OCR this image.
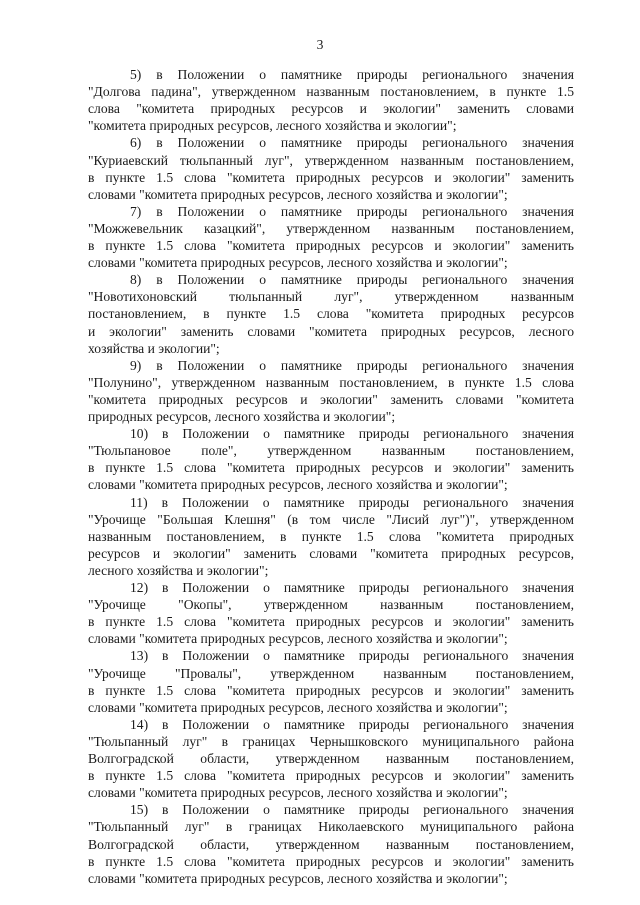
3
5) в Положении о памятнике природы регионального значения
"Долгова падина", утвержденном названным постановлением, в пункте 1.5
слова "комитета природных ресурсов и экологии" заменить словами
"комитета природных ресурсов, лесного хозяйства и экологии";
6) в Положении о памятнике природы регионального значения
"Куриаевский тюльпанный луг", утвержденном названным постановлением,
в пункте 1.5 слова "комитета природных ресурсов и экологии" заменить
словами "комитета природных ресурсов, лесного хозяйства и экологии";
7) в Положении о памятнике природы регионального значения
"Можжевельник казацкий", утвержденном названным постановлением,
в пункте 1.5 слова "комитета природных ресурсов и экологии" заменить
словами "комитета природных ресурсов, лесного хозяйства и экологии";
8) в Положении о памятнике природы регионального значения
"Новотихоновский тюльпанный луг", утвержденном названным
постановлением, в пункте 1.5 слова "комитета природных ресурсов
и экологии" заменить словами "комитета природных ресурсов, лесного
хозяйства и экологии";
9) в Положении о памятнике природы регионального значения
"Полунино", утвержденном названным постановлением, в пункте 1.5 слова
"комитета природных ресурсов и экологии" заменить словами "комитета
природных ресурсов, лесного хозяйства и экологии";
10) в Положении о памятнике природы регионального значения
"Тюльпановое поле", утвержденном названным постановлением,
в пункте 1.5 слова "комитета природных ресурсов и экологии" заменить
словами "комитета природных ресурсов, лесного хозяйства и экологии";
11) в Положении о памятнике природы регионального значения
"Урочище "Большая Клешня" (в том числе "Лисий луг")", утвержденном
названным постановлением, в пункте 1.5 слова "комитета природных
ресурсов и экологии" заменить словами "комитета природных ресурсов,
лесного хозяйства и экологии";
12) в Положении о памятнике природы регионального значения
"Урочище "Окопы", утвержденном названным постановлением,
в пункте 1.5 слова "комитета природных ресурсов и экологии" заменить
словами "комитета природных ресурсов, лесного хозяйства и экологии";
13) в Положении о памятнике природы регионального значения
"Урочище "Провалы", утвержденном названным постановлением,
в пункте 1.5 слова "комитета природных ресурсов и экологии" заменить
словами "комитета природных ресурсов, лесного хозяйства и экологии";
14) в Положении о памятнике природы регионального значения
"Тюльпанный луг" в границах Чернышковского муниципального района
Волгоградской области, утвержденном названным постановлением,
в пункте 1.5 слова "комитета природных ресурсов и экологии" заменить
словами "комитета природных ресурсов, лесного хозяйства и экологии";
15) в Положении о памятнике природы регионального значения
"Тюльпанный луг" в границах Николаевского муниципального района
Волгоградской области, утвержденном названным постановлением,
в пункте 1.5 слова "комитета природных ресурсов и экологии" заменить
словами "комитета природных ресурсов, лесного хозяйства и экологии";
